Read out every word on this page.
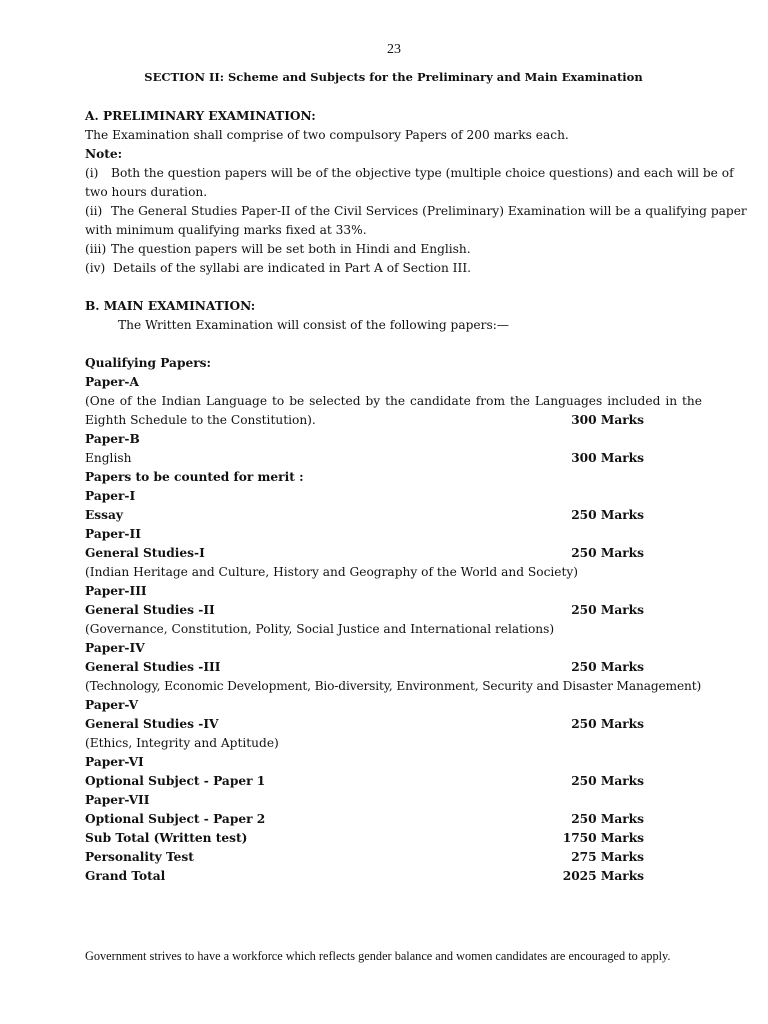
23
SECTION II: Scheme and Subjects for the Preliminary and Main Examination
A. PRELIMINARY EXAMINATION:
The Examination shall comprise of two compulsory Papers of 200 marks each.
Note:
(i)	Both the question papers will be of the objective type (multiple choice questions) and each will be of
two hours duration.
(ii) The General Studies Paper-II of the Civil Services (Preliminary) Examination will be a qualifying paper
with minimum qualifying marks fixed at 33%.
(iii) The question papers will be set both in Hindi and English.
(iv) Details of the syllabi are indicated in Part A of Section III.
B. MAIN EXAMINATION:
The Written Examination will consist of the following papers:—
Qualifying Papers:
Paper-A
(One of the Indian Language to be selected by the candidate from the Languages included in the
Eighth Schedule to the Constitution).	300 Marks
Paper-B
English	300 Marks
Papers to be counted for merit :
Paper-I
Essay	250 Marks
Paper-II
General Studies-I	250 Marks
(Indian Heritage and Culture, History and Geography of the World and Society)
Paper-III
General Studies -II	250 Marks
(Governance, Constitution, Polity, Social Justice and International relations)
Paper-IV
General Studies -III	250 Marks
(Technology, Economic Development, Bio-diversity, Environment, Security and Disaster Management)
Paper-V
General Studies -IV	250 Marks
(Ethics, Integrity and Aptitude)
Paper-VI
Optional Subject - Paper 1	250 Marks
Paper-VII
Optional Subject - Paper 2	250 Marks
Sub Total (Written test)	1750 Marks
Personality Test	275 Marks
Grand Total	2025 Marks
Government strives to have a workforce which reflects gender balance and women candidates are encouraged to apply.
